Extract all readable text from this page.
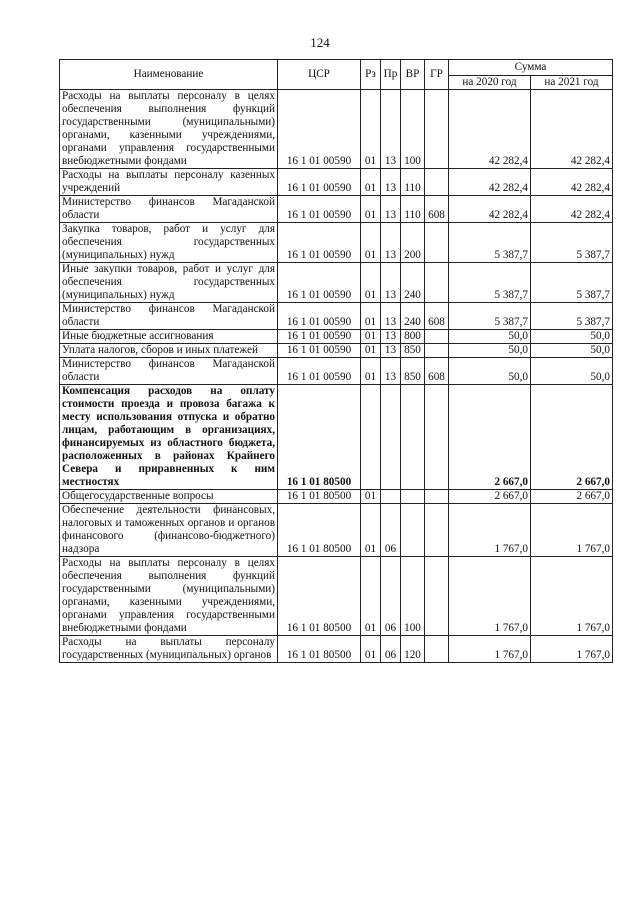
124
Наименование	ЦСР	Рз	Пр	ВР	ГР	Сумма	
						на 2020 год	на 2021 год
Расходы на выплаты персоналу в целях обеспечения выполнения функций государственными (муниципальными) органами, казенными учреждениями, органами управления государственными внебюджетными фондами	16 1 01 00590	01	13	100		42 282,4	42 282,4
Расходы на выплаты персоналу казенных учреждений	16 1 01 00590	01	13	110		42 282,4	42 282,4
Министерство финансов Магаданской области	16 1 01 00590	01	13	110	608	42 282,4	42 282,4
Закупка товаров, работ и услуг для обеспечения государственных (муниципальных) нужд	16 1 01 00590	01	13	200		5 387,7	5 387,7
Иные закупки товаров, работ и услуг для обеспечения государственных (муниципальных) нужд	16 1 01 00590	01	13	240		5 387,7	5 387,7
Министерство финансов Магаданской области	16 1 01 00590	01	13	240	608	5 387,7	5 387,7
Иные бюджетные ассигнования	16 1 01 00590	01	13	800		50,0	50,0
Уплата налогов, сборов и иных платежей	16 1 01 00590	01	13	850		50,0	50,0
Министерство финансов Магаданской области	16 1 01 00590	01	13	850	608	50,0	50,0
Компенсация расходов на оплату стоимости проезда и провоза багажа к месту использования отпуска и обратно лицам, работающим в организациях, финансируемых из областного бюджета, расположенных в районах Крайнего Севера и приравненных к ним местностях	16 1 01 80500					2 667,0	2 667,0
Общегосударственные вопросы	16 1 01 80500	01				2 667,0	2 667,0
Обеспечение деятельности финансовых, налоговых и таможенных органов и органов финансового (финансово-бюджетного) надзора	16 1 01 80500	01	06			1 767,0	1 767,0
Расходы на выплаты персоналу в целях обеспечения выполнения функций государственными (муниципальными) органами, казенными учреждениями, органами управления государственными внебюджетными фондами	16 1 01 80500	01	06	100		1 767,0	1 767,0
Расходы на выплаты персоналу государственных (муниципальных) органов	16 1 01 80500	01	06	120		1 767,0	1 767,0
